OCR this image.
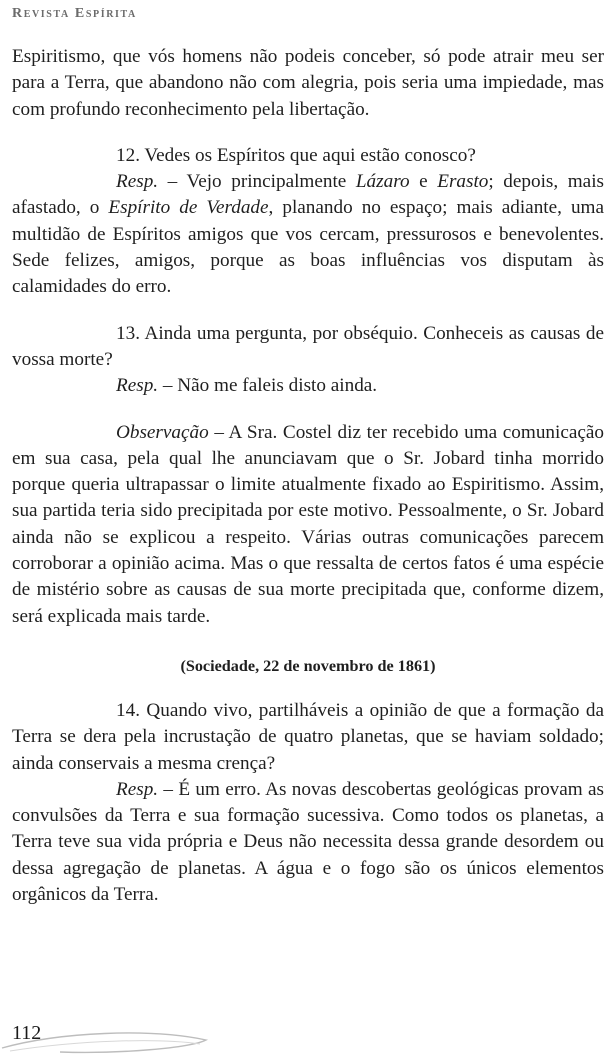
Revista Espírita

Espiritismo, que vós homens não podeis conceber, só pode atrair meu ser para a Terra, que abandono não com alegria, pois seria uma impiedade, mas com profundo reconhecimento pela libertação.

12. Vedes os Espíritos que aqui estão conosco?

Resp. – Vejo principalmente Lázaro e Erasto; depois, mais afastado, o Espírito de Verdade, planando no espaço; mais adiante, uma multidão de Espíritos amigos que vos cercam, pressurosos e benevolentes. Sede felizes, amigos, porque as boas influências vos disputam às calamidades do erro.

13. Ainda uma pergunta, por obséquio. Conheceis as causas de vossa morte?

Resp. – Não me faleis disto ainda.

Observação – A Sra. Costel diz ter recebido uma comunicação em sua casa, pela qual lhe anunciavam que o Sr. Jobard tinha morrido porque queria ultrapassar o limite atualmente fixado ao Espiritismo. Assim, sua partida teria sido precipitada por este motivo. Pessoalmente, o Sr. Jobard ainda não se explicou a respeito. Várias outras comunicações parecem corroborar a opinião acima. Mas o que ressalta de certos fatos é uma espécie de mistério sobre as causas de sua morte precipitada que, conforme dizem, será explicada mais tarde.

(Sociedade, 22 de novembro de 1861)

14. Quando vivo, partilháveis a opinião de que a formação da Terra se dera pela incrustação de quatro planetas, que se haviam soldado; ainda conservais a mesma crença?

Resp. – É um erro. As novas descobertas geológicas provam as convulsões da Terra e sua formação sucessiva. Como todos os planetas, a Terra teve sua vida própria e Deus não necessita dessa grande desordem ou dessa agregação de planetas. A água e o fogo são os únicos elementos orgânicos da Terra.

112
